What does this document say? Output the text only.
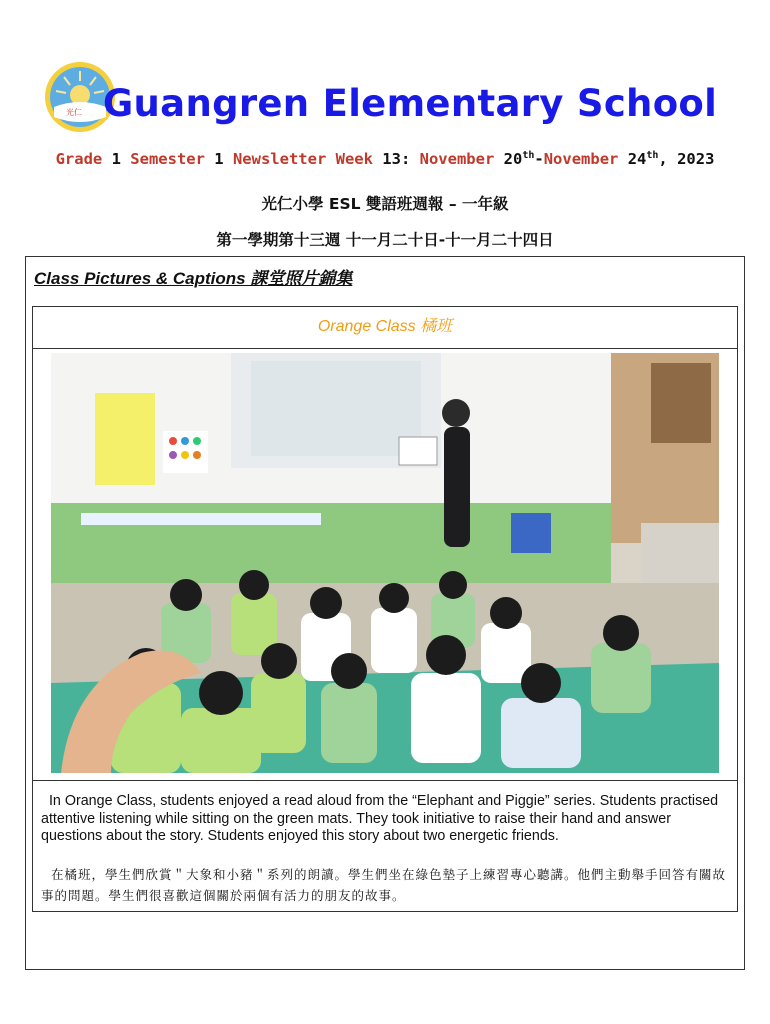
光仁 Guangren Elementary School
Grade 1 Semester 1 Newsletter Week 13: November 20th-November 24th, 2023
光仁小學 ESL 雙語班週報 – 一年級
第一學期第十三週 十一月二十日-十一月二十四日
Class Pictures & Captions 課堂照片錦集
Orange Class 橘班
In Orange Class, students enjoyed a read aloud from the “Elephant and Piggie” series. Students practised attentive listening while sitting on the green mats. They took initiative to raise their hand and answer questions about the story. Students enjoyed this story about two energetic friends.
在橘班，學生們欣賞＂大象和小豬＂系列的朗讀。學生們坐在綠色墊子上練習專心聽講。他們主動舉手回答有關故事的問題。學生們很喜歡這個關於兩個有活力的朋友的故事。
